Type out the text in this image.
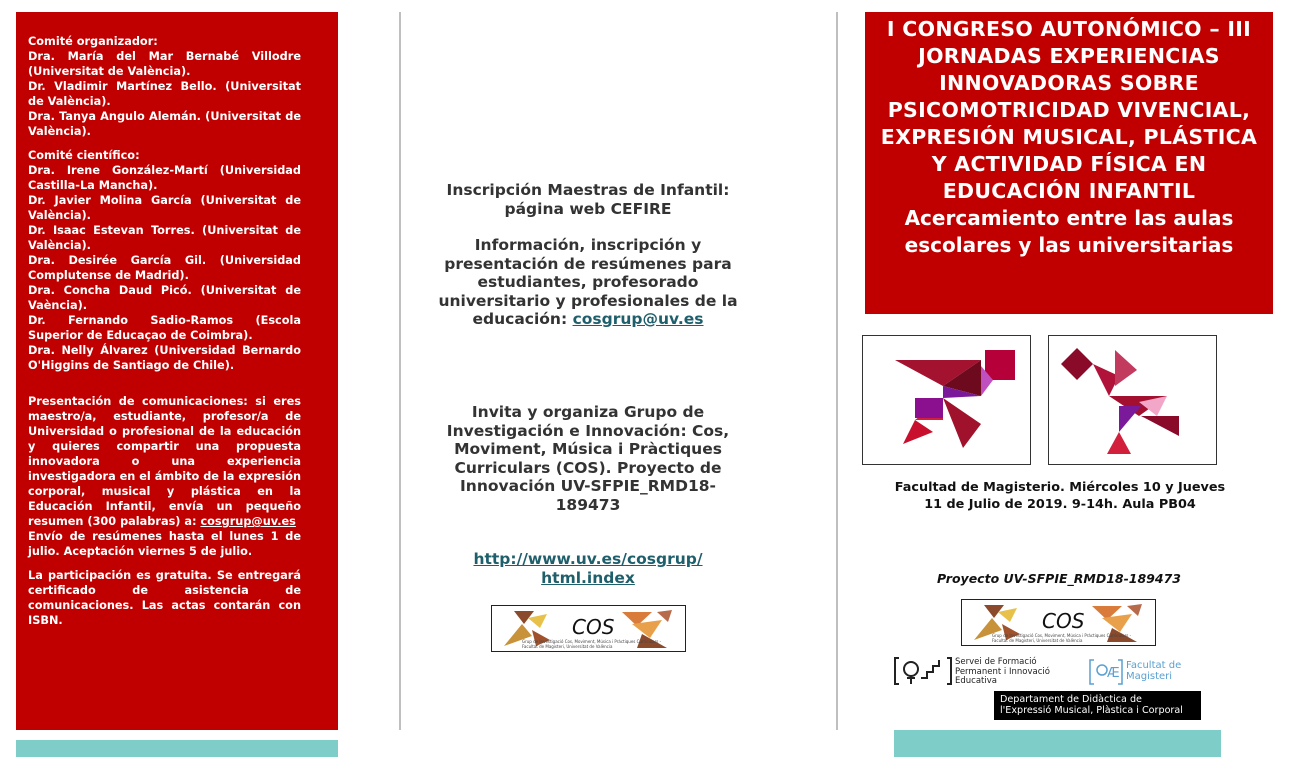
Comité organizador:
Dra. María del Mar Bernabé Villodre (Universitat de València).
Dr. Vladimir Martínez Bello. (Universitat de València).
Dra. Tanya Angulo Alemán. (Universitat de València).

Comité científico:
Dra. Irene González-Martí (Universidad Castilla-La Mancha).
Dr. Javier Molina García (Universitat de València).
Dr. Isaac Estevan Torres. (Universitat de València).
Dra. Desirée García Gil. (Universidad Complutense de Madrid).
Dra. Concha Daud Picó. (Universitat de Vaència).
Dr. Fernando Sadio-Ramos (Escola Superior de Educaçao de Coimbra).
Dra. Nelly Álvarez (Universidad Bernardo O'Higgins de Santiago de Chile).

Presentación de comunicaciones: si eres maestro/a, estudiante, profesor/a de Universidad o profesional de la educación y quieres compartir una propuesta innovadora o una experiencia investigadora en el ámbito de la expresión corporal, musical y plástica en la Educación Infantil, envía un pequeño resumen (300 palabras) a: cosgrup@uv.es
Envío de resúmenes hasta el lunes 1 de julio. Aceptación viernes 5 de julio.

La participación es gratuita. Se entregará certificado de asistencia de comunicaciones. Las actas contarán con ISBN.

Inscripción Maestras de Infantil: página web CEFIRE
Información, inscripción y presentación de resúmenes para estudiantes, profesorado universitario y profesionales de la educación: cosgrup@uv.es
Invita y organiza Grupo de Investigación e Innovación: Cos, Moviment, Música i Pràctiques Curriculars (COS). Proyecto de Innovación UV-SFPIE_RMD18-189473
http://www.uv.es/cosgrup/
html.index
COS
Grup de Investigació Cos, Moviment, Música i Pràctiques Curriculars - Facultat de Magisteri, Universitat de València
I CONGRESO AUTONÓMICO – III JORNADAS EXPERIENCIAS INNOVADORAS SOBRE PSICOMOTRICIDAD VIVENCIAL, EXPRESIÓN MUSICAL, PLÁSTICA Y ACTIVIDAD FÍSICA EN EDUCACIÓN INFANTIL
Acercamiento entre las aulas escolares y las universitarias
Facultad de Magisterio. Miércoles 10 y Jueves 11 de Julio de 2019. 9-14h. Aula PB04
Proyecto UV-SFPIE_RMD18-189473
COS
Grup de Investigació Cos, Moviment, Música i Pràctiques Curriculars - Facultat de Magisteri, Universitat de València
Servei de Formació Permanent i Innovació Educativa	Æ
Facultat de Magisteri
Departament de Didàctica de l'Expressió Musical, Plàstica i Corporal
